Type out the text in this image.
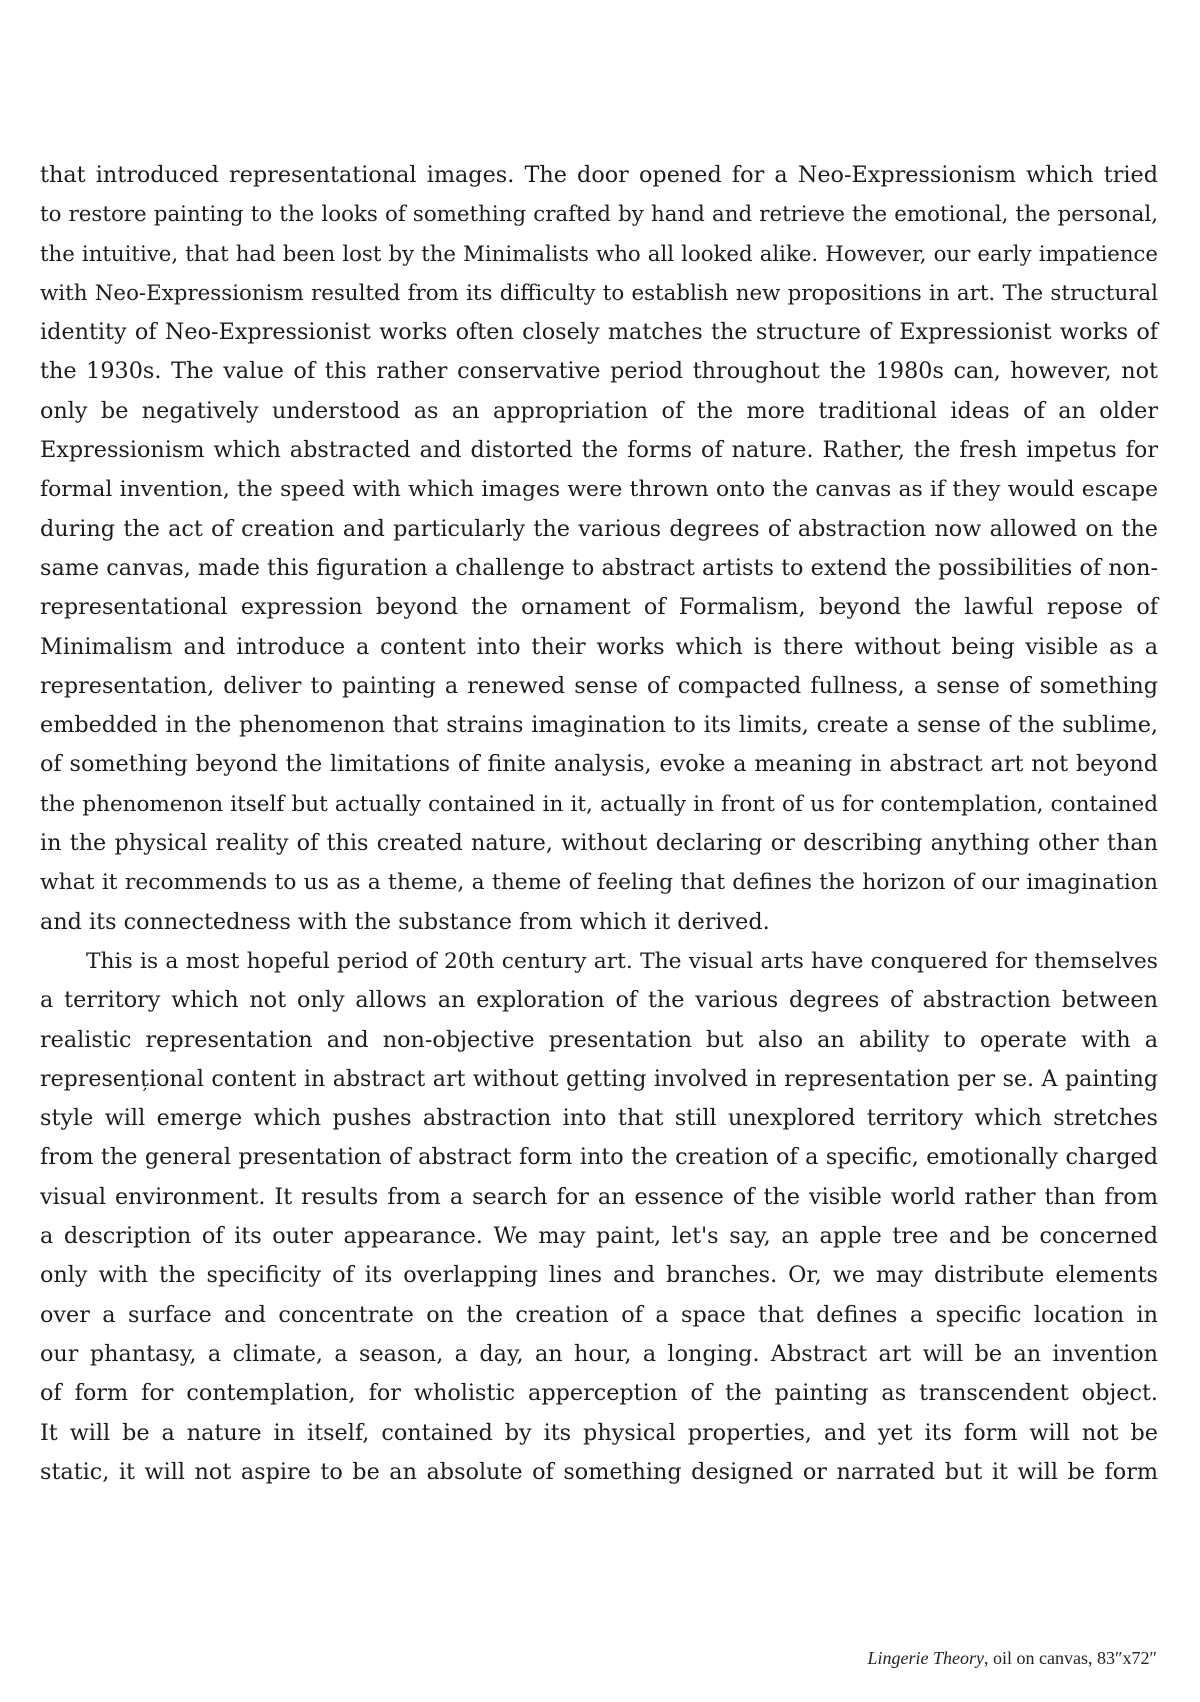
that introduced representational images. The door opened for a Neo-Expressionism which tried
to restore painting to the looks of something crafted by hand and retrieve the emotional, the personal,
the intuitive, that had been lost by the Minimalists who all looked alike. However, our early impatience
with Neo-Expressionism resulted from its difficulty to establish new propositions in art. The structural
identity of Neo-Expressionist works often closely matches the structure of Expressionist works of
the 1930s. The value of this rather conservative period throughout the 1980s can, however, not
only be negatively understood as an appropriation of the more traditional ideas of an older
Expressionism which abstracted and distorted the forms of nature. Rather, the fresh impetus for
formal invention, the speed with which images were thrown onto the canvas as if they would escape
during the act of creation and particularly the various degrees of abstraction now allowed on the
same canvas, made this figuration a challenge to abstract artists to extend the possibilities of non-
representational expression beyond the ornament of Formalism, beyond the lawful repose of
Minimalism and introduce a content into their works which is there without being visible as a
representation, deliver to painting a renewed sense of compacted fullness, a sense of something
embedded in the phenomenon that strains imagination to its limits, create a sense of the sublime,
of something beyond the limitations of finite analysis, evoke a meaning in abstract art not beyond
the phenomenon itself but actually contained in it, actually in front of us for contemplation, contained
in the physical reality of this created nature, without declaring or describing anything other than
what it recommends to us as a theme, a theme of feeling that defines the horizon of our imagination
and its connectedness with the substance from which it derived.
This is a most hopeful period of 20th century art. The visual arts have conquered for themselves
a territory which not only allows an exploration of the various degrees of abstraction between
realistic representation and non-objective presentation but also an ability to operate with a
represențional content in abstract art without getting involved in representation per se. A painting
style will emerge which pushes abstraction into that still unexplored territory which stretches
from the general presentation of abstract form into the creation of a specific, emotionally charged
visual environment. It results from a search for an essence of the visible world rather than from
a description of its outer appearance. We may paint, let's say, an apple tree and be concerned
only with the specificity of its overlapping lines and branches. Or, we may distribute elements
over a surface and concentrate on the creation of a space that defines a specific location in
our phantasy, a climate, a season, a day, an hour, a longing. Abstract art will be an invention
of form for contemplation, for wholistic apperception of the painting as transcendent object.
It will be a nature in itself, contained by its physical properties, and yet its form will not be
static, it will not aspire to be an absolute of something designed or narrated but it will be form
Lingerie Theory, oil on canvas, 83″x72″
